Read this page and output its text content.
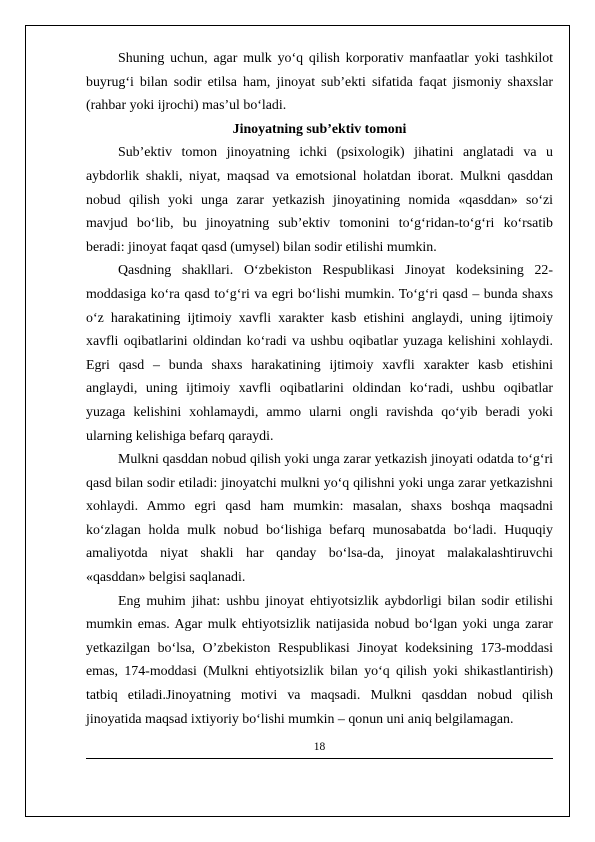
Shuning uchun, agar mulk yo‘q qilish korporativ manfaatlar yoki tashkilot buyrug‘i bilan sodir etilsa ham, jinoyat sub’ekti sifatida faqat jismoniy shaxslar (rahbar yoki ijrochi) mas’ul bo‘ladi.

Jinoyatning sub’ektiv tomoni

Sub’ektiv tomon jinoyatning ichki (psixologik) jihatini anglatadi va u aybdorlik shakli, niyat, maqsad va emotsional holatdan iborat. Mulkni qasddan nobud qilish yoki unga zarar yetkazish jinoyatining nomida «qasddan» so‘zi mavjud bo‘lib, bu jinoyatning sub’ektiv tomonini to‘g‘ridan-to‘g‘ri ko‘rsatib beradi: jinoyat faqat qasd (umysel) bilan sodir etilishi mumkin.

Qasdning shakllari. O‘zbekiston Respublikasi Jinoyat kodeksining 22-moddasiga ko‘ra qasd to‘g‘ri va egri bo‘lishi mumkin. To‘g‘ri qasd – bunda shaxs o‘z harakatining ijtimoiy xavfli xarakter kasb etishini anglaydi, uning ijtimoiy xavfli oqibatlarini oldindan ko‘radi va ushbu oqibatlar yuzaga kelishini xohlaydi. Egri qasd – bunda shaxs harakatining ijtimoiy xavfli xarakter kasb etishini anglaydi, uning ijtimoiy xavfli oqibatlarini oldindan ko‘radi, ushbu oqibatlar yuzaga kelishini xohlamaydi, ammo ularni ongli ravishda qo‘yib beradi yoki ularning kelishiga befarq qaraydi.

Mulkni qasddan nobud qilish yoki unga zarar yetkazish jinoyati odatda to‘g‘ri qasd bilan sodir etiladi: jinoyatchi mulkni yo‘q qilishni yoki unga zarar yetkazishni xohlaydi. Ammo egri qasd ham mumkin: masalan, shaxs boshqa maqsadni ko‘zlagan holda mulk nobud bo‘lishiga befarq munosabatda bo‘ladi. Huquqiy amaliyotda niyat shakli har qanday bo‘lsa-da, jinoyat malakalashtiruvchi «qasddan» belgisi saqlanadi.

Eng muhim jihat: ushbu jinoyat ehtiyotsizlik aybdorligi bilan sodir etilishi mumkin emas. Agar mulk ehtiyotsizlik natijasida nobud bo‘lgan yoki unga zarar yetkazilgan bo‘lsa, O’zbekiston Respublikasi Jinoyat kodeksining 173-moddasi emas, 174-moddasi (Mulkni ehtiyotsizlik bilan yo‘q qilish yoki shikastlantirish) tatbiq etiladi.Jinoyatning motivi va maqsadi. Mulkni qasddan nobud qilish jinoyatida maqsad ixtiyoriy bo‘lishi mumkin – qonun uni aniq belgilamagan.

18
